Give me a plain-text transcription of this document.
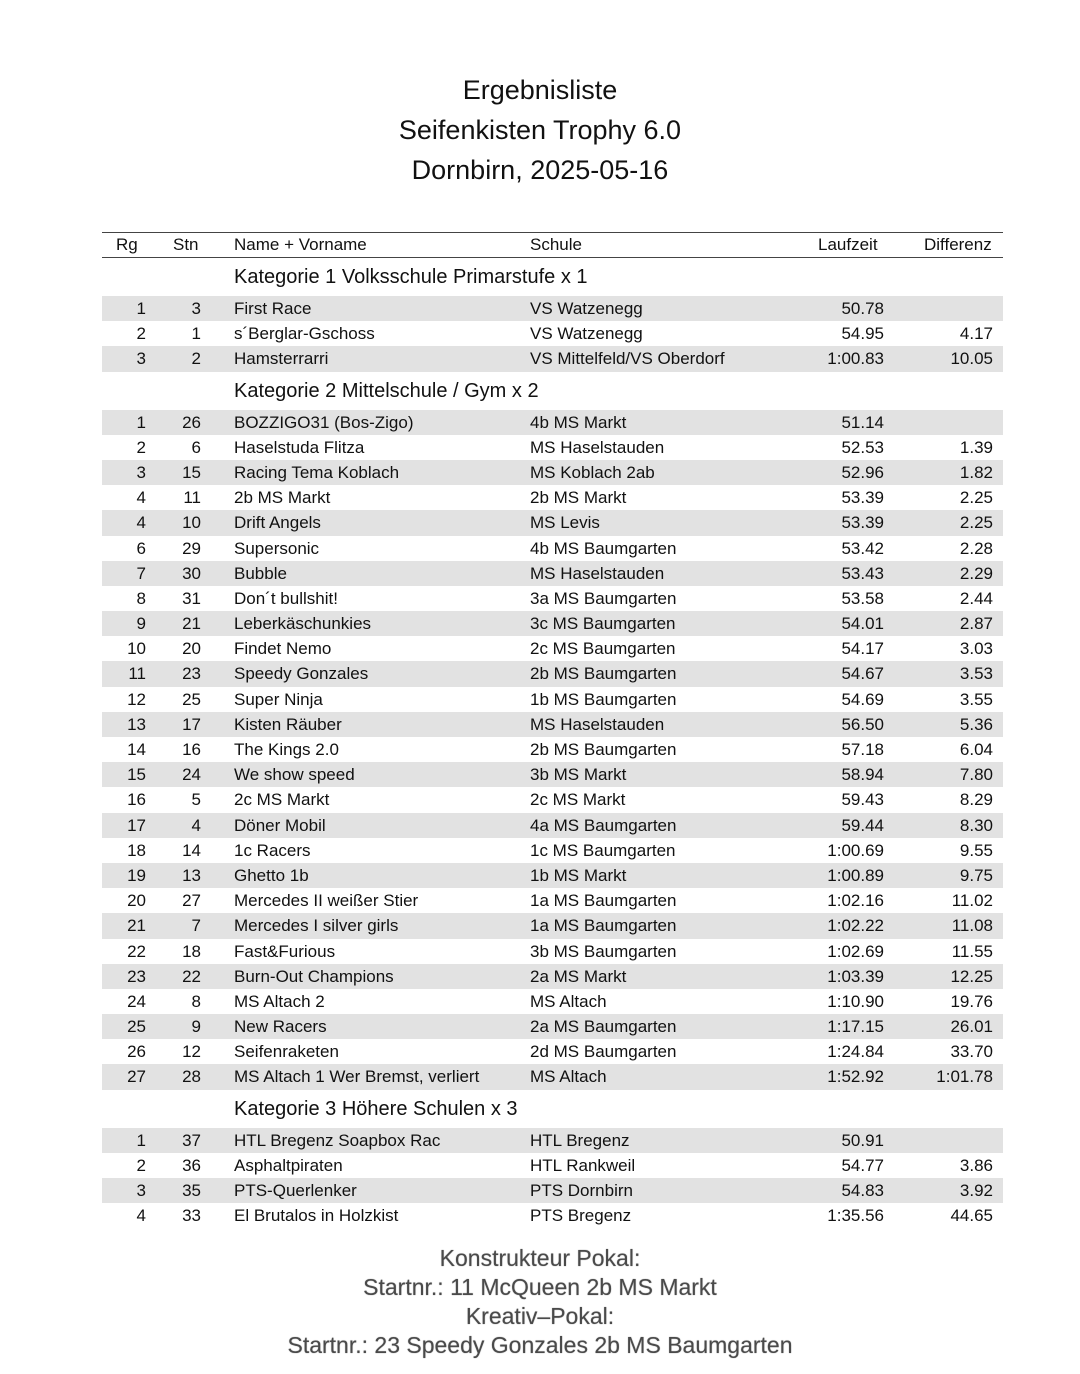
Ergebnisliste
Seifenkisten Trophy 6.0
Dornbirn, 2025-05-16
Rg Stn Name + Vorname	Schule	Laufzeit	Differenz
Kategorie 1 Volksschule Primarstufe x 1
1	3 First Race	VS Watzenegg	50.78
2	1 s´Berglar-Gschoss	VS Watzenegg	54.95	4.17
3	2 Hamsterrarri	VS Mittelfeld/VS Oberdorf	1:00.83	10.05
Kategorie 2 Mittelschule / Gym x 2
1	26 BOZZIGO31 (Bos-Zigo)	4b MS Markt	51.14
2	6 Haselstuda Flitza	MS Haselstauden	52.53	1.39
3	15 Racing Tema Koblach	MS Koblach 2ab	52.96	1.82
4	11 2b MS Markt	2b MS Markt	53.39	2.25
4	10 Drift Angels	MS Levis	53.39	2.25
6	29 Supersonic	4b MS Baumgarten	53.42	2.28
7	30 Bubble	MS Haselstauden	53.43	2.29
8	31 Don´t bullshit!	3a MS Baumgarten	53.58	2.44
9	21 Leberkäschunkies	3c MS Baumgarten	54.01	2.87
10	20 Findet Nemo	2c MS Baumgarten	54.17	3.03
11	23 Speedy Gonzales	2b MS Baumgarten	54.67	3.53
12	25 Super Ninja	1b MS Baumgarten	54.69	3.55
13	17 Kisten Räuber	MS Haselstauden	56.50	5.36
14	16 The Kings 2.0	2b MS Baumgarten	57.18	6.04
15	24 We show speed	3b MS Markt	58.94	7.80
16	5 2c MS Markt	2c MS Markt	59.43	8.29
17	4 Döner Mobil	4a MS Baumgarten	59.44	8.30
18	14 1c Racers	1c MS Baumgarten	1:00.69	9.55
19	13 Ghetto 1b	1b MS Markt	1:00.89	9.75
20	27 Mercedes II weißer Stier	1a MS Baumgarten	1:02.16	11.02
21	7 Mercedes I silver girls	1a MS Baumgarten	1:02.22	11.08
22	18 Fast&Furious	3b MS Baumgarten	1:02.69	11.55
23	22 Burn-Out Champions	2a MS Markt	1:03.39	12.25
24	8 MS Altach 2	MS Altach	1:10.90	19.76
25	9 New Racers	2a MS Baumgarten	1:17.15	26.01
26	12 Seifenraketen	2d MS Baumgarten	1:24.84	33.70
27	28 MS Altach 1 Wer Bremst, verliert	MS Altach	1:52.92	1:01.78
Kategorie 3 Höhere Schulen x 3
1	37 HTL Bregenz Soapbox Rac	HTL Bregenz	50.91
2	36 Asphaltpiraten	HTL Rankweil	54.77	3.86
3	35 PTS-Querlenker	PTS Dornbirn	54.83	3.92
4	33 El Brutalos in Holzkist	PTS Bregenz	1:35.56	44.65
Konstrukteur Pokal:
Startnr.: 11 McQueen 2b MS Markt
Kreativ–Pokal:
Startnr.: 23 Speedy Gonzales 2b MS Baumgarten
